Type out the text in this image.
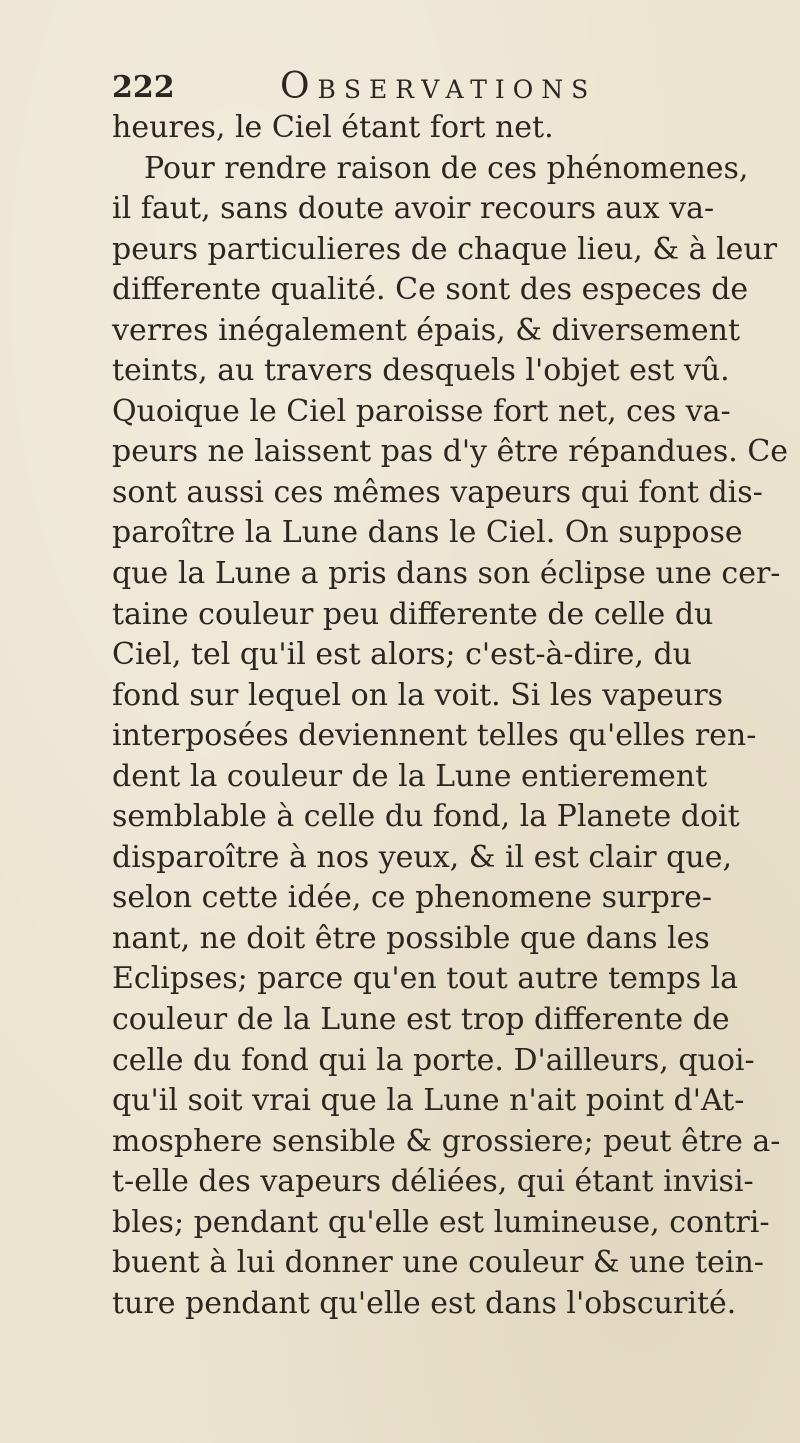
222	Observations
heures, le Ciel étant fort net.
Pour rendre raison de ces phénomenes,
il faut, sans doute avoir recours aux va-
peurs particulieres de chaque lieu, & à leur
differente qualité. Ce sont des especes de
verres inégalement épais, & diversement
teints, au travers desquels l'objet est vû.
Quoique le Ciel paroisse fort net, ces va-
peurs ne laissent pas d'y être répandues. Ce
sont aussi ces mêmes vapeurs qui font dis-
paroître la Lune dans le Ciel. On suppose
que la Lune a pris dans son éclipse une cer-
taine couleur peu differente de celle du
Ciel, tel qu'il est alors; c'est-à-dire, du
fond sur lequel on la voit. Si les vapeurs
interposées deviennent telles qu'elles ren-
dent la couleur de la Lune entierement
semblable à celle du fond, la Planete doit
disparoître à nos yeux, & il est clair que,
selon cette idée, ce phenomene surpre-
nant, ne doit être possible que dans les
Eclipses; parce qu'en tout autre temps la
couleur de la Lune est trop differente de
celle du fond qui la porte. D'ailleurs, quoi-
qu'il soit vrai que la Lune n'ait point d'At-
mosphere sensible & grossiere; peut être a-
t-elle des vapeurs déliées, qui étant invisi-
bles; pendant qu'elle est lumineuse, contri-
buent à lui donner une couleur & une tein-
ture pendant qu'elle est dans l'obscurité.
